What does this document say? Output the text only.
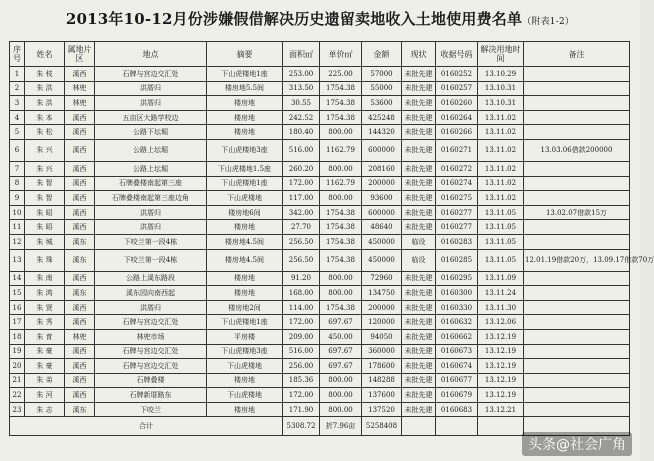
2013年10-12月份涉嫌假借解决历史遗留卖地收入土地使用费名单（附表1-2）
序号	姓名	属地片区	地点	摘要	面积㎡	单价㎡	金额	现状	收据号码	解决用地时间	备注
1	朱 枝	溪西	石牌与宫边交汇处	下山虎楼地1座	253.00	225.00	57000	未批先建	0160252	13.10.29	
2	朱 洪	林兜	洪厝归	楼房地5.5间	313.50	1754.38	55000	未批先建	0160257	13.10.31	
3	朱 洪	林兜	洪厝归	楼房地	30.55	1754.38	53600	未批先建	0160260	13.10.31	
4	朱 本	溪西	五亩区大路学校边	楼房地	242.52	1754.38	425248	未批先建	0160264	13.11.02	
5	朱 松	溪西	公路下坛堀	楼房地	180.40	800.00	144320	未批先建	0160266	13.11.02	
6	朱 兴	溪西	公路上坛堀	下山虎楼地3座	516.00	1162.79	600000	未批先建	0160271	13.11.02	13.03.06借款200000
7	朱 兴	溪西	公路上坛堀	下山虎楼地1.5座	260.20	800.00	208160	未批先建	0160272	13.11.02	
8	朱 智	溪西	石牌叠楼南起第三座	下山虎楼地1座	172.00	1162.79	200000	未批先建	0160274	13.11.02	
9	朱 智	溪西	石牌叠楼南起第三座边角	下山虎楼地	117.00	800.00	93600	未批先建	0160275	13.11.02	
10	朱 昭	溪西	洪厝归	楼房地6间	342.00	1754.38	600000	未批先建	0160277	13.11.05	13.02.07借款15万
11	朱 昭	溪西	洪厝归	楼房地	27.70	1754.38	48640	未批先建	0160277	13.11.05	
12	朱 城	溪东	下咬兰第一段4栋	楼房地4.5间	256.50	1754.38	450000	临设	0160283	13.11.05	
13	朱 珠	溪东	下咬兰第一段4栋	楼房地4.5间	256.50	1754.38	450000	临设	0160285	13.11.05	12.01.19借款20万，13.09.17借款70万
14	朱 南	溪西	公路上溪东路段	楼房地	91.20	800.00	72960	未批先建	0160295	13.11.09	
15	朱 鸿	溪东	溪东园向南西起	楼房地	168.00	800.00	134750	未批先建	0160300	13.11.24	
16	朱 贤	溪西	洪厝归	楼房地2间	114.00	1754.38	200000	未批先建	0160330	13.11.30	
17	朱 秀	溪西	石牌与宫边交汇处	下山虎楼地1座	172.00	697.67	120000	未批先建	0160632	13.12.06	
18	朱 育	林兜	林兜市场	平房楼	209.00	450.00	94050	未批先建	0160662	13.12.19	
19	朱 豪	溪西	石牌与宫边交汇处	下山虎楼地3座	516.00	697.67	360000	未批先建	0160673	13.12.19	
20	朱 豪	溪西	石牌与宫边交汇处	下山虎楼地	256.00	697.67	178600	未批先建	0160674	13.12.19	
21	朱 弟	溪西	石牌叠楼	楼房地	185.36	800.00	148288	未批先建	0160677	13.12.19	
22	朱 河	溪西	石牌新厝路东	下山虎楼地	172.00	800.00	137600	未批先建	0160679	13.12.19	
23	朱 志	溪东	下咬兰	楼房地	171.90	800.00	137520	未批先建	0160683	13.12.21	
合计					5308.72	折7.96亩	5258408				
头条@社会广角
